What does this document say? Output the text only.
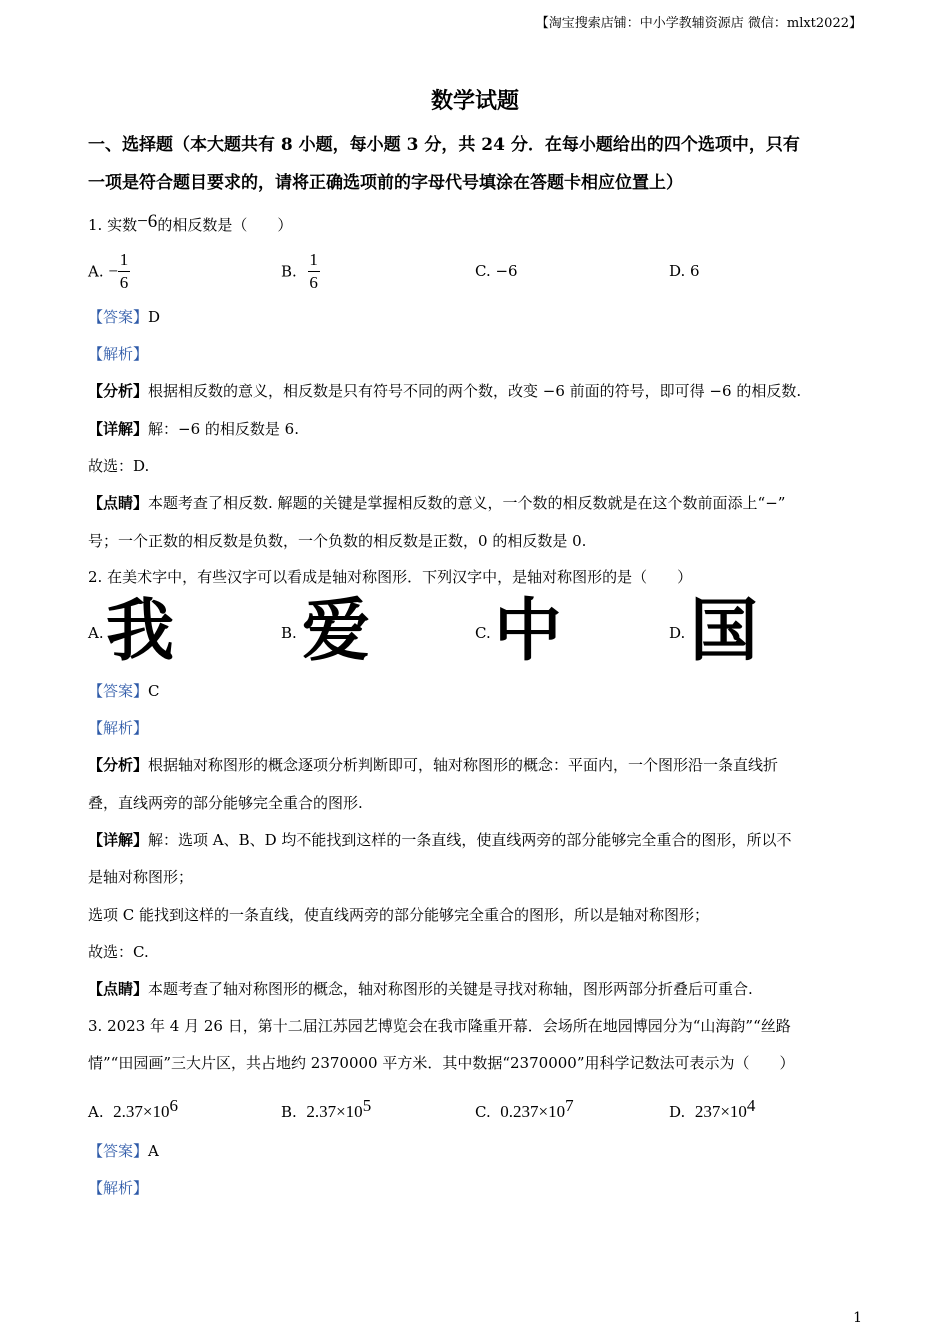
【淘宝搜索店铺：中小学教辅资源店 微信：mlxt2022】
数学试题
一、选择题（本大题共有 8 小题，每小题 3 分，共 24 分．在每小题给出的四个选项中，只有
一项是符合题目要求的，请将正确选项前的字母代号填涂在答题卡相应位置上）
1. 实数−6的相反数是（　　）
A. − $\frac{1}{6}$	B. $\frac{1}{6}$	C. −6	D. 6
【答案】D
【解析】
【分析】根据相反数的意义，相反数是只有符号不同的两个数，改变 −6 前面的符号，即可得 −6 的相反数.
【详解】解：−6 的相反数是 6.
故选：D.
【点睛】本题考查了相反数. 解题的关键是掌握相反数的意义，一个数的相反数就是在这个数前面添上“−”
号；一个正数的相反数是负数，一个负数的相反数是正数，0 的相反数是 0.
2. 在美术字中，有些汉字可以看成是轴对称图形．下列汉字中，是轴对称图形的是（　　）
A. 我	B. 爱	C. 中	D. 国
【答案】C
【解析】
【分析】根据轴对称图形的概念逐项分析判断即可，轴对称图形的概念：平面内，一个图形沿一条直线折
叠，直线两旁的部分能够完全重合的图形.
【详解】解：选项 A、B、D 均不能找到这样的一条直线，使直线两旁的部分能够完全重合的图形，所以不
是轴对称图形；
选项 C 能找到这样的一条直线，使直线两旁的部分能够完全重合的图形，所以是轴对称图形；
故选：C.
【点睛】本题考查了轴对称图形的概念，轴对称图形的关键是寻找对称轴，图形两部分折叠后可重合.
3. 2023 年 4 月 26 日，第十二届江苏园艺博览会在我市隆重开幕．会场所在地园博园分为“山海韵”“丝路
情”“田园画”三大片区，共占地约 2370000 平方米．其中数据“2370000”用科学记数法可表示为（　　）
A. $2.37\times 10^6$	B. $2.37\times 10^5$	C. $0.237\times 10^7$	D. $237\times 10^4$
【答案】A
【解析】
1
